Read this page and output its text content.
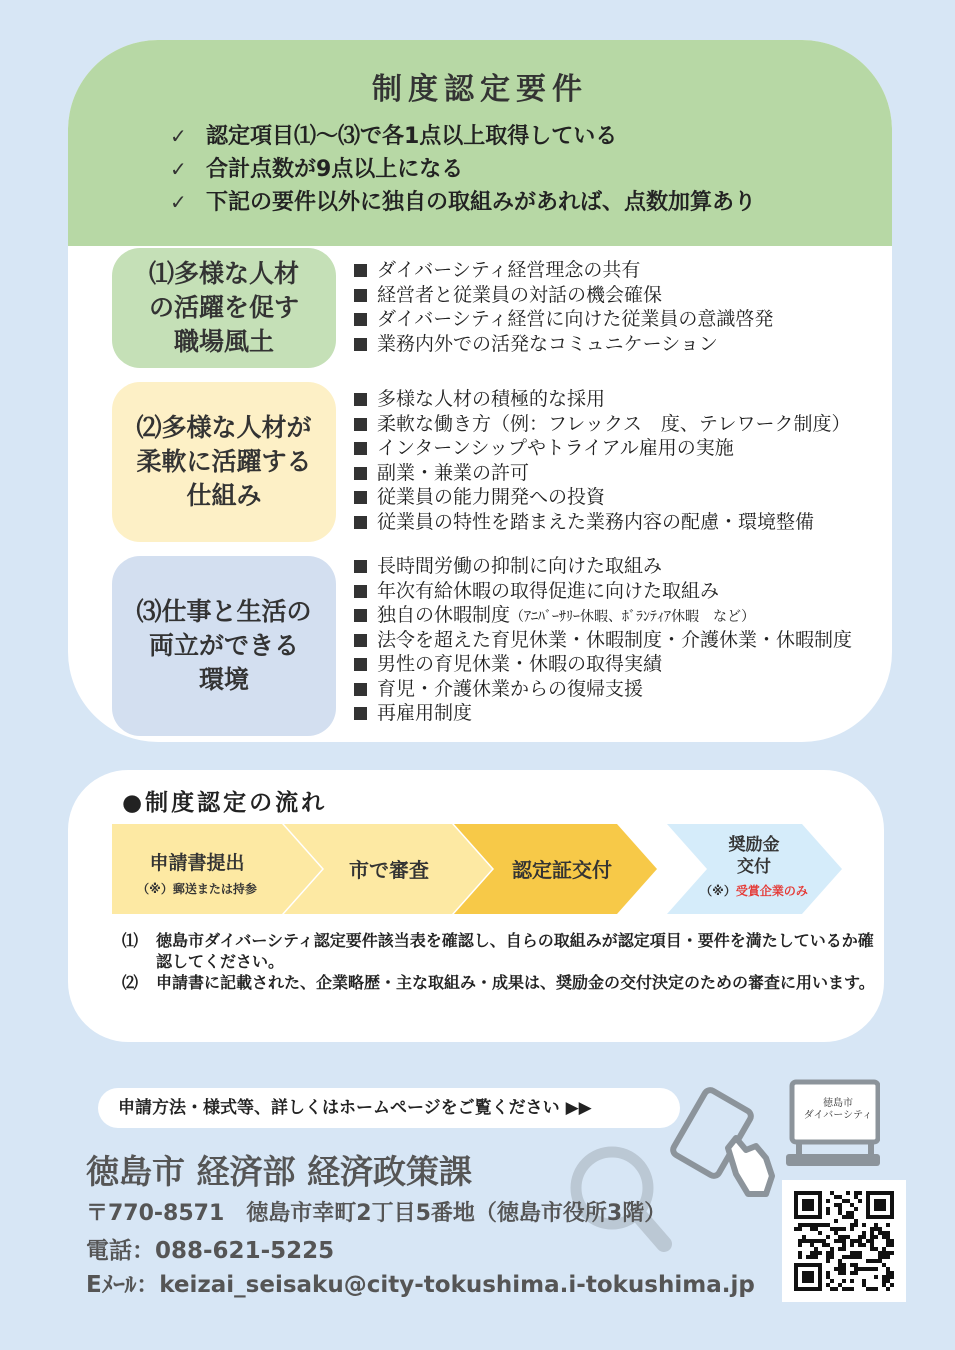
制度認定要件
✓ 認定項目⑴～⑶で各1点以上取得している
✓ 合計点数が9点以上になる
✓ 下記の要件以外に独自の取組みがあれば、点数加算あり
⑴多様な人材
の活躍を促す
職場風土
ダイバーシティ経営理念の共有
経営者と従業員の対話の機会確保
ダイバーシティ経営に向けた従業員の意識啓発
業務内外での活発なコミュニケーション
⑵多様な人材が
柔軟に活躍する
仕組み
多様な人材の積極的な採用
柔軟な働き方（例：フレックス　度、テレワーク制度）
インターンシップやトライアル雇用の実施
副業・兼業の許可
従業員の能力開発への投資
従業員の特性を踏まえた業務内容の配慮・環境整備
⑶仕事と生活の
両立ができる
環境
長時間労働の抑制に向けた取組み
年次有給休暇の取得促進に向けた取組み
独自の休暇制度（ｱﾆﾊﾞｰｻﾘｰ休暇、ﾎﾞﾗﾝﾃｨｱ休暇　など）
法令を超えた育児休業・休暇制度・介護休業・休暇制度
男性の育児休業・休暇の取得実績
育児・介護休業からの復帰支援
再雇用制度
●制度認定の流れ
申請書提出
（※）郵送または持参
市で審査	認定証交付
奨励金
交付
（※）受賞企業のみ
⑴ 徳島市ダイバーシティ認定要件該当表を確認し、自らの取組みが認定項目・要件を満たしているか確認してください。
⑵ 申請書に記載された、企業略歴・主な取組み・成果は、奨励金の交付決定のための審査に用います。
徳島市
ダイバーシティ
申請方法・様式等、詳しくはホームページをご覧ください ▶▶
徳島市 経済部 経済政策課
〒770-8571　徳島市幸町2丁目5番地（徳島市役所3階）
電話：088-621-5225
Eﾒｰﾙ：keizai_seisaku@city-tokushima.i-tokushima.jp
